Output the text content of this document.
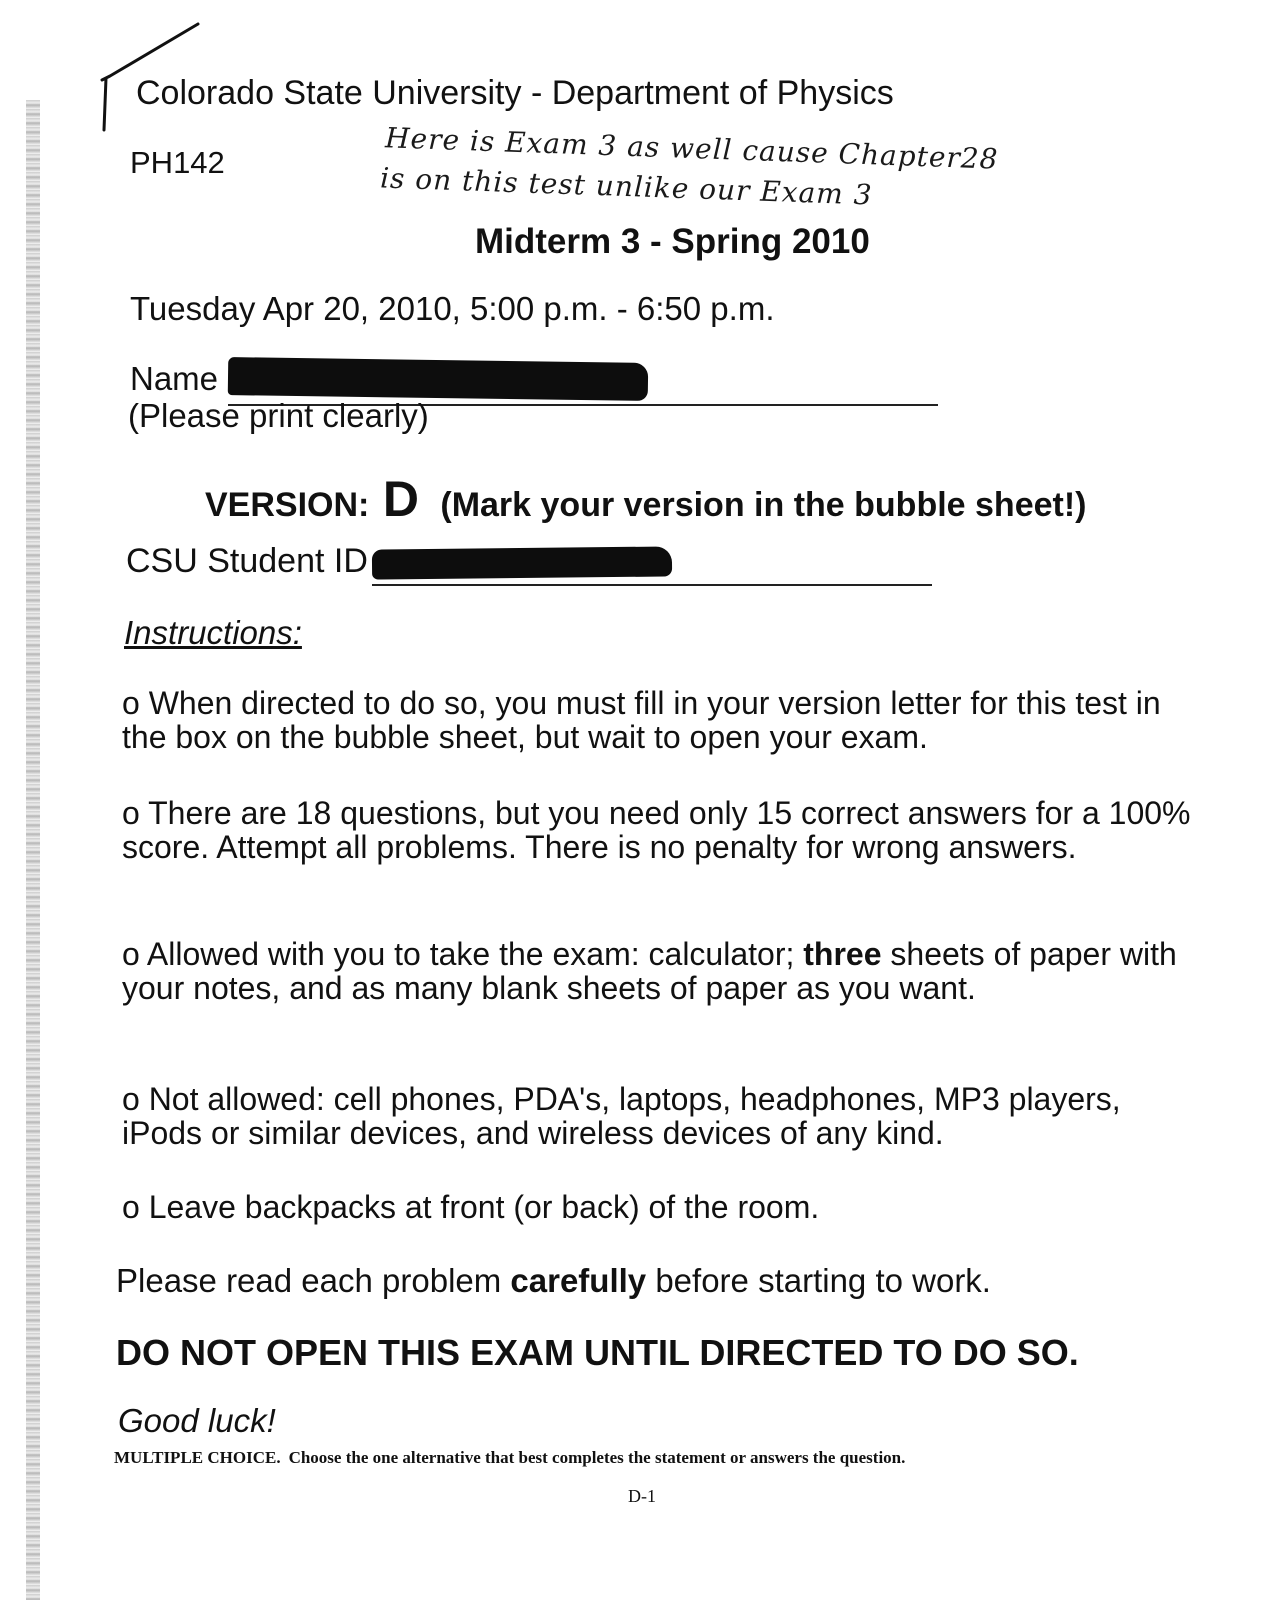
Colorado State University - Department of Physics
PH142	Here is Exam 3 as well cause Chapter28
is on this test unlike our Exam 3
Midterm 3 - Spring 2010
Tuesday Apr 20, 2010, 5:00 p.m. - 6:50 p.m.
Name
(Please print clearly)
VERSION: D (Mark your version in the bubble sheet!)
CSU Student ID
Instructions:
o When directed to do so, you must fill in your version letter for this test in the box on the bubble sheet, but wait to open your exam.
o There are 18 questions, but you need only 15 correct answers for a 100% score. Attempt all problems. There is no penalty for wrong answers.
o Allowed with you to take the exam: calculator; three sheets of paper with your notes, and as many blank sheets of paper as you want.
o Not allowed: cell phones, PDA's, laptops, headphones, MP3 players, iPods or similar devices, and wireless devices of any kind.
o Leave backpacks at front (or back) of the room.
Please read each problem carefully before starting to work.
DO NOT OPEN THIS EXAM UNTIL DIRECTED TO DO SO.
Good luck!
MULTIPLE CHOICE. Choose the one alternative that best completes the statement or answers the question.
D-1
